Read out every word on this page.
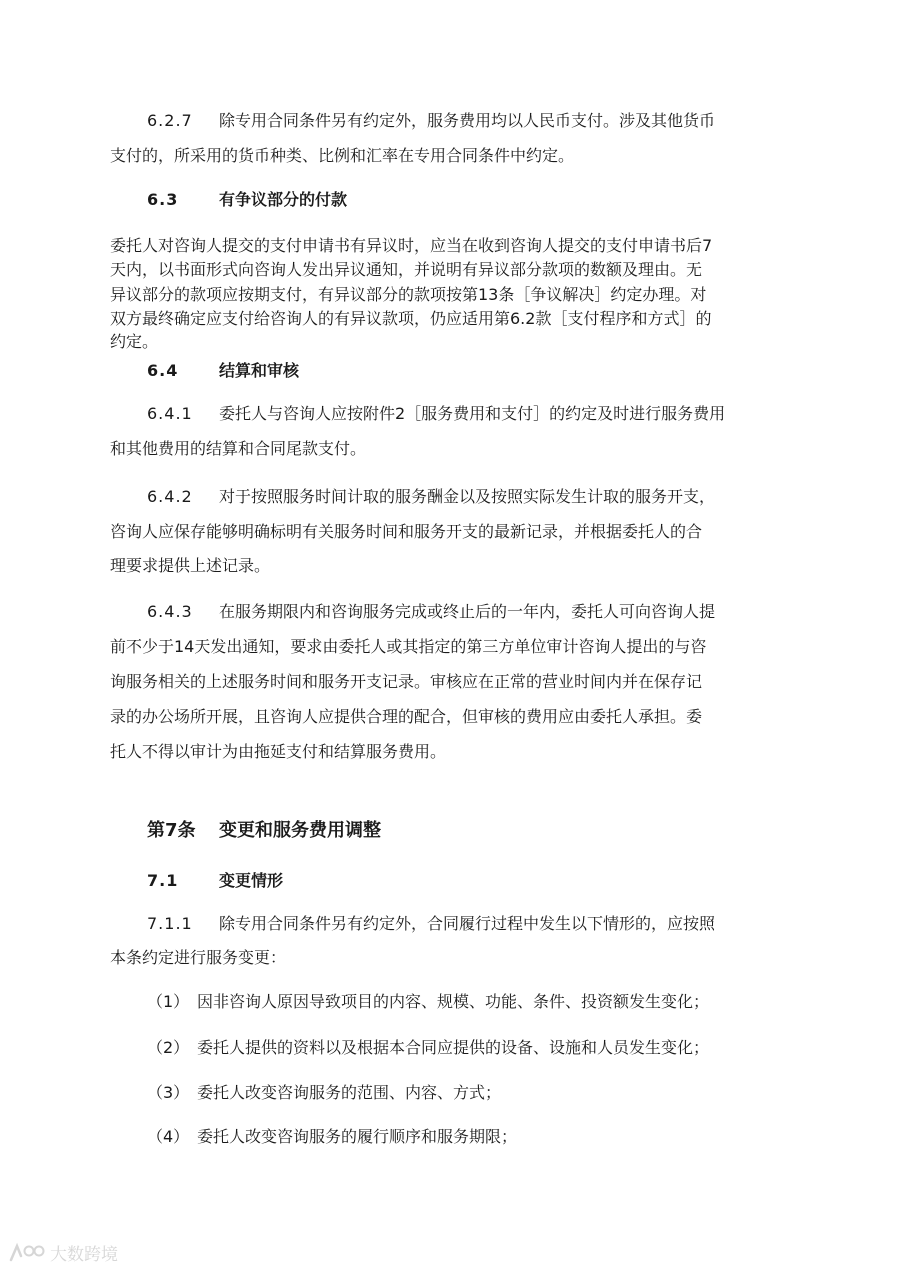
6.2.7 除专用合同条件另有约定外，服务费用均以人民币支付。涉及其他货币
支付的，所采用的货币种类、比例和汇率在专用合同条件中约定。
6.3	有争议部分的付款
委托人对咨询人提交的支付申请书有异议时，应当在收到咨询人提交的支付申请书后7
天内，以书面形式向咨询人发出异议通知，并说明有异议部分款项的数额及理由。无
异议部分的款项应按期支付，有异议部分的款项按第13条［争议解决］约定办理。对
双方最终确定应支付给咨询人的有异议款项，仍应适用第6.2款［支付程序和方式］的
约定。
6.4	结算和审核
6.4.1 委托人与咨询人应按附件2［服务费用和支付］的约定及时进行服务费用
和其他费用的结算和合同尾款支付。
6.4.2 对于按照服务时间计取的服务酬金以及按照实际发生计取的服务开支，
咨询人应保存能够明确标明有关服务时间和服务开支的最新记录，并根据委托人的合
理要求提供上述记录。
6.4.3 在服务期限内和咨询服务完成或终止后的一年内，委托人可向咨询人提
前不少于14天发出通知，要求由委托人或其指定的第三方单位审计咨询人提出的与咨
询服务相关的上述服务时间和服务开支记录。审核应在正常的营业时间内并在保存记
录的办公场所开展，且咨询人应提供合理的配合，但审核的费用应由委托人承担。委
托人不得以审计为由拖延支付和结算服务费用。
第7条 变更和服务费用调整
7.1	变更情形
7.1.1 除专用合同条件另有约定外，合同履行过程中发生以下情形的，应按照
本条约定进行服务变更：
（1） 因非咨询人原因导致项目的内容、规模、功能、条件、投资额发生变化；
（2） 委托人提供的资料以及根据本合同应提供的设备、设施和人员发生变化；
（3） 委托人改变咨询服务的范围、内容、方式；
（4） 委托人改变咨询服务的履行顺序和服务期限；
大数跨境
